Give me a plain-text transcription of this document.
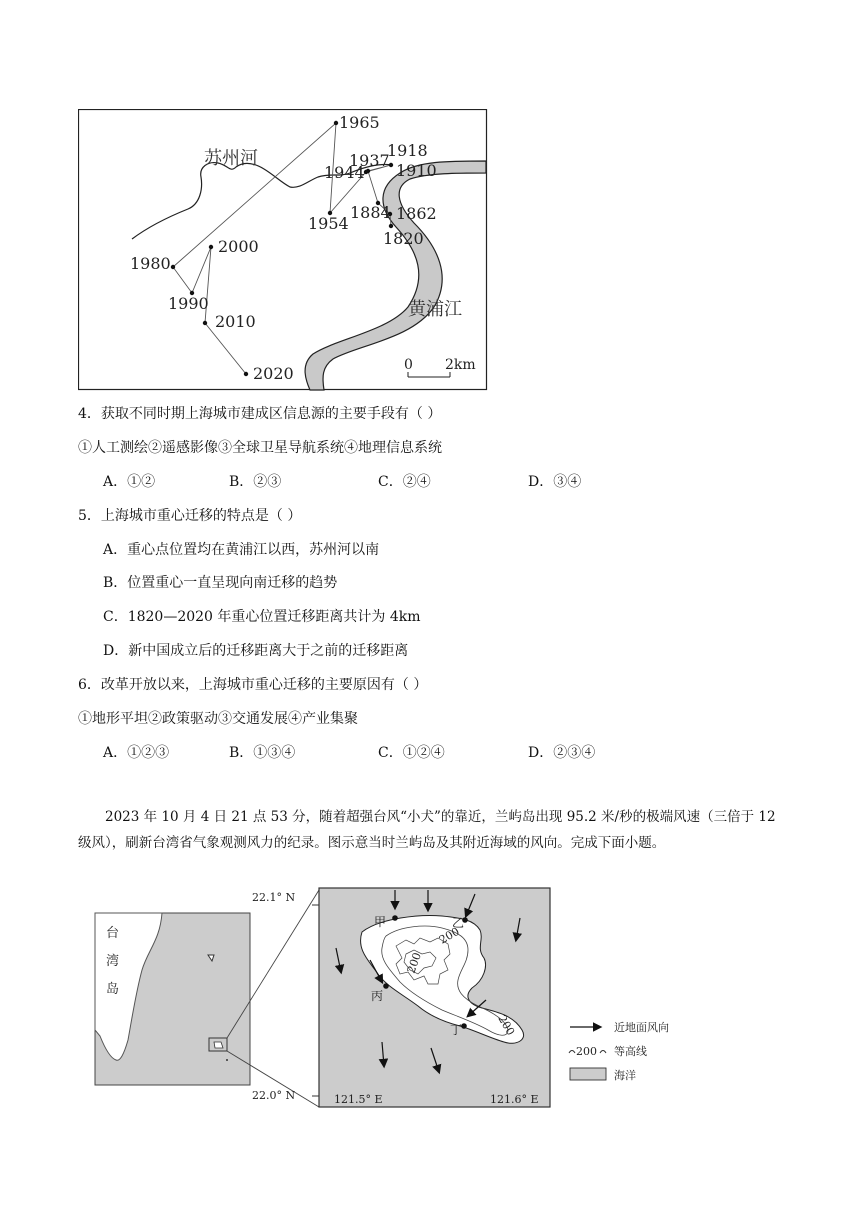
1965
1918
1937
1944 1910
1954
1884 1862
1820
1980
2000
1990
2010
2020
苏州河
黄浦江
0 2km
4．获取不同时期上海城市建成区信息源的主要手段有（ ）
①人工测绘②遥感影像③全球卫星导航系统④地理信息系统
A．①②	B．②③	C．②④	D．③④
5．上海城市重心迁移的特点是（ ）
A．重心点位置均在黄浦江以西，苏州河以南
B．位置重心一直呈现向南迁移的趋势
C．1820—2020 年重心位置迁移距离共计为 4km
D．新中国成立后的迁移距离大于之前的迁移距离
6．改革开放以来，上海城市重心迁移的主要原因有（ ）
①地形平坦②政策驱动③交通发展④产业集聚
A．①②③	B．①③④	C．①②④	D．②③④
2023 年 10 月 4 日 21 点 53 分，随着超强台风“小犬”的靠近，兰屿岛出现 95.2 米/秒的极端风速（三倍于 12 级风），刷新台湾省气象观测风力的纪录。图示意当时兰屿岛及其附近海域的风向。完成下面小题。
台
湾
岛
200
200
200
甲	乙
丙
丁
22.1° N
22.0° N	121.5° E	121.6° E
近地面风向
200 等高线
海洋
